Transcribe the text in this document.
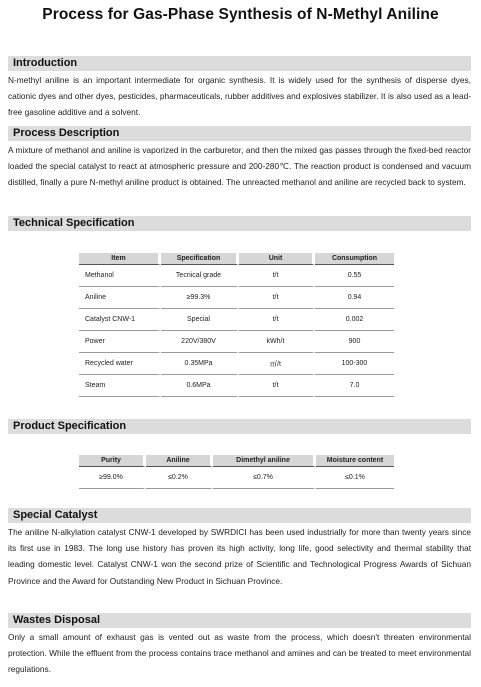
Process for Gas-Phase Synthesis of N-Methyl Aniline
Introduction
N-methyl aniline is an important intermediate for organic synthesis. It is widely used for the synthesis of disperse dyes, cationic dyes and other dyes, pesticides, pharmaceuticals, rubber additives and explosives stabilizer. It is also used as a lead-free gasoline additive and a solvent.
Process Description
A mixture of methanol and aniline is vaporized in the carburetor, and then the mixed gas passes through the fixed-bed reactor loaded the special catalyst to react at atmospheric pressure and 200-280℃. The reaction product is condensed and vacuum distilled, finally a pure N-methyl aniline product is obtained. The unreacted methanol and aniline are recycled back to system.
Technical Specification
Item	Specification	Unit	Consumption
Methanol	Tecnical grade	t/t	0.55
Aniline	≥99.3%	t/t	0.94
Catalyst CNW-1	Special	t/t	0.002
Power	220V/380V	kWh/t	900
Recycled water	0.35MPa	㎡/t	100-300
Steam	0.6MPa	t/t	7.0
Product Specification
Purity	Aniline	Dimethyl aniline	Moisture content
≥99.0%	≤0.2%	≤0.7%	≤0.1%
Special Catalyst
The aniline N-alkylation catalyst CNW-1 developed by SWRDICI has been used industrially for more than twenty years since its first use in 1983. The long use history has proven its high activity, long life, good selectivity and thermal stability that leading domestic level. Catalyst CNW-1 won the second prize of Scientific and Technological Progress Awards of Sichuan Province and the Award for Outstanding New Product in Sichuan Province.
Wastes Disposal
Only a small amount of exhaust gas is vented out as waste from the process, which doesn't threaten environmental protection. While the effluent from the process contains trace methanol and amines and can be treated to meet environmental regulations.
